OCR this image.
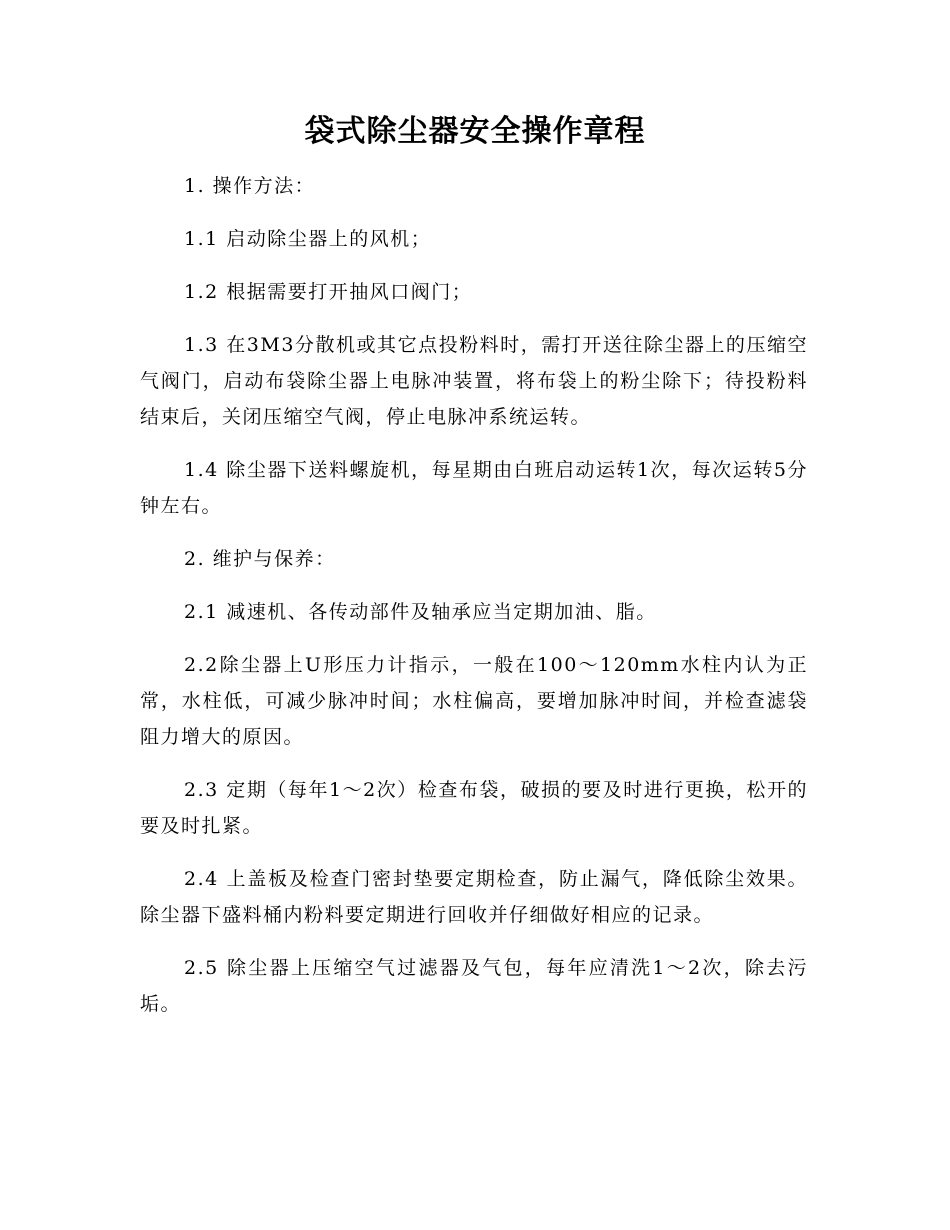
袋式除尘器安全操作章程

1. 操作方法：

1.1 启动除尘器上的风机；

1.2 根据需要打开抽风口阀门；

1.3 在3M3分散机或其它点投粉料时，需打开送往除尘器上的压缩空气阀门，启动布袋除尘器上电脉冲装置，将布袋上的粉尘除下；待投粉料结束后，关闭压缩空气阀，停止电脉冲系统运转。

1.4 除尘器下送料螺旋机，每星期由白班启动运转1次，每次运转5分钟左右。

2. 维护与保养：

2.1 减速机、各传动部件及轴承应当定期加油、脂。

2.2除尘器上U形压力计指示，一般在100～120mm水柱内认为正常，水柱低，可减少脉冲时间；水柱偏高，要增加脉冲时间，并检查滤袋阻力增大的原因。

2.3 定期（每年1～2次）检查布袋，破损的要及时进行更换，松开的要及时扎紧。

2.4 上盖板及检查门密封垫要定期检查，防止漏气，降低除尘效果。除尘器下盛料桶内粉料要定期进行回收并仔细做好相应的记录。

2.5 除尘器上压缩空气过滤器及气包，每年应清洗1～2次，除去污垢。
